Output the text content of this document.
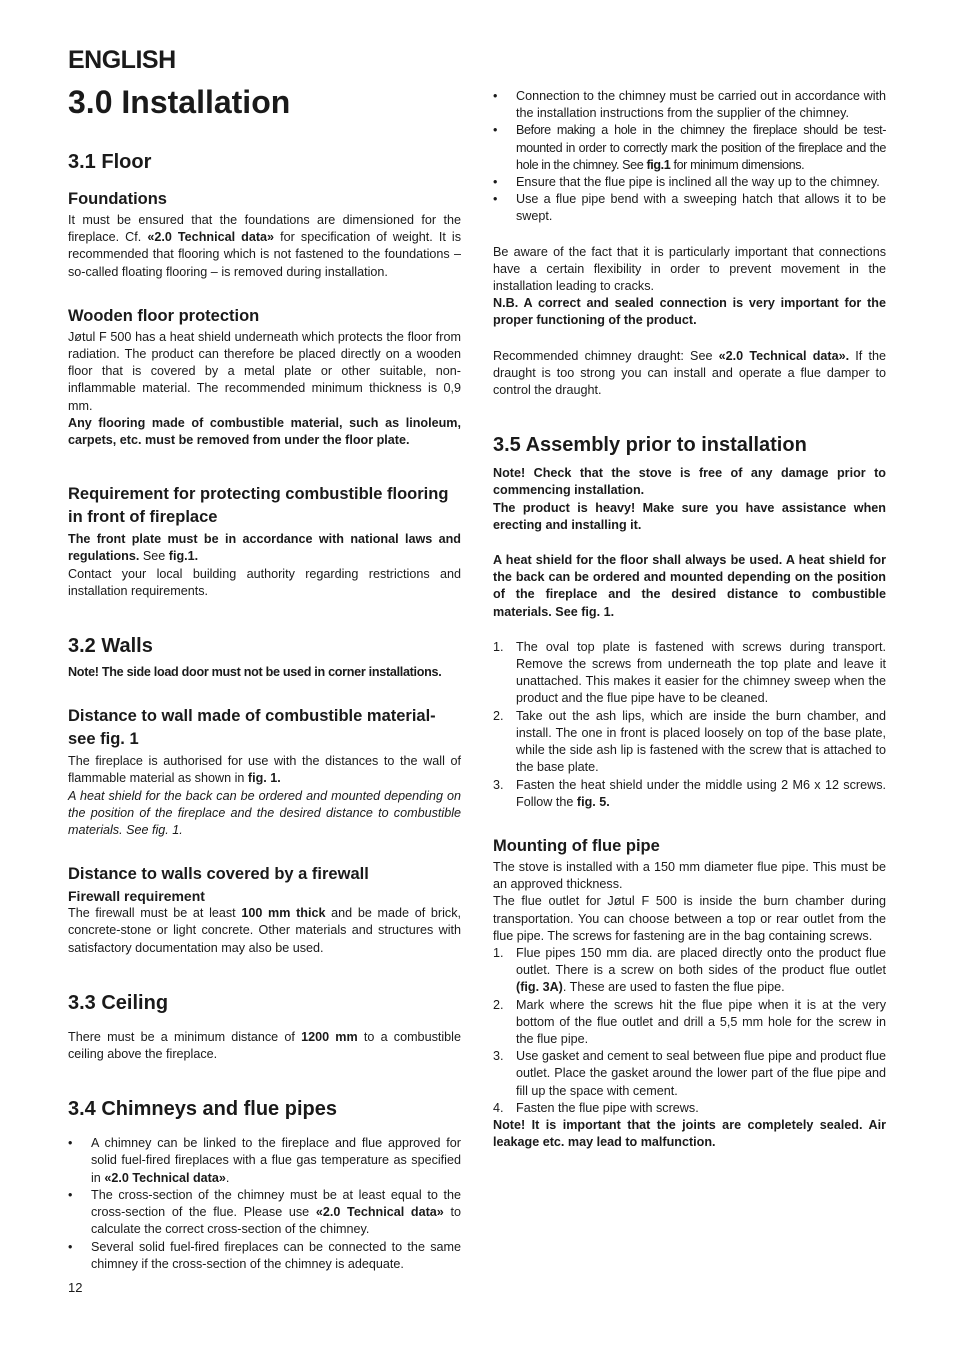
ENGLISH
3.0 Installation
3.1 Floor
Foundations

It must be ensured that the foundations are dimensioned for the fireplace. Cf. «2.0 Technical data» for specification of weight. It is recommended that flooring which is not fastened to the foundations – so-called floating flooring – is removed during installation.

Wooden floor protection

Jøtul F 500 has a heat shield underneath which protects the floor from radiation. The product can therefore be placed directly on a wooden floor that is covered by a metal plate or other suitable, non-inflammable material. The recommended minimum thickness is 0,9 mm.

Any flooring made of combustible material, such as linoleum, carpets, etc. must be removed from under the floor plate.

Requirement for protecting combustible flooring in front of fireplace

The front plate must be in accordance with national laws and regulations. See fig.1.

Contact your local building authority regarding restrictions and installation requirements.

3.2 Walls

Note! The side load door must not be used in corner installations.

Distance to wall made of combustible material- see fig. 1

The fireplace is authorised for use with the distances to the wall of flammable material as shown in fig. 1.

A heat shield for the back can be ordered and mounted depending on the position of the fireplace and the desired distance to combustible materials. See fig. 1.

Distance to walls covered by a firewall
Firewall requirement

The firewall must be at least 100 mm thick and be made of brick, concrete-stone or light concrete. Other materials and structures with satisfactory documentation may also be used.

3.3 Ceiling

There must be a minimum distance of 1200 mm to a combustible ceiling above the fireplace.

3.4 Chimneys and flue pipes
• A chimney can be linked to the fireplace and flue approved for solid fuel-fired fireplaces with a flue gas temperature as specified in «2.0 Technical data».
• The cross-section of the chimney must be at least equal to the cross-section of the flue. Please use «2.0 Technical data» to calculate the correct cross-section of the chimney.
• Several solid fuel-fired fireplaces can be connected to the same chimney if the cross-section of the chimney is adequate.
12
• Connection to the chimney must be carried out in accordance with the installation instructions from the supplier of the chimney.
• Before making a hole in the chimney the fireplace should be test-mounted in order to correctly mark the position of the fireplace and the hole in the chimney. See fig.1 for minimum dimensions.
• Ensure that the flue pipe is inclined all the way up to the chimney.
• Use a flue pipe bend with a sweeping hatch that allows it to be swept.

Be aware of the fact that it is particularly important that connections have a certain flexibility in order to prevent movement in the installation leading to cracks.

N.B. A correct and sealed connection is very important for the proper functioning of the product.

Recommended chimney draught: See «2.0 Technical data». If the draught is too strong you can install and operate a flue damper to control the draught.

3.5 Assembly prior to installation

Note! Check that the stove is free of any damage prior to commencing installation.

The product is heavy! Make sure you have assistance when erecting and installing it.

A heat shield for the floor shall always be used. A heat shield for the back can be ordered and mounted depending on the position of the fireplace and the desired distance to combustible materials. See fig. 1.

1. The oval top plate is fastened with screws during transport. Remove the screws from underneath the top plate and leave it unattached. This makes it easier for the chimney sweep when the product and the flue pipe have to be cleaned.
2. Take out the ash lips, which are inside the burn chamber, and install. The one in front is placed loosely on top of the base plate, while the side ash lip is fastened with the screw that is attached to the base plate.
3. Fasten the heat shield under the middle using 2 M6 x 12 screws. Follow the fig. 5.
Mounting of flue pipe

The stove is installed with a 150 mm diameter flue pipe. This must be an approved thickness.

The flue outlet for Jøtul F 500 is inside the burn chamber during transportation. You can choose between a top or rear outlet from the flue pipe. The screws for fastening are in the bag containing screws.

1. Flue pipes 150 mm dia. are placed directly onto the product flue outlet. There is a screw on both sides of the product flue outlet (fig. 3A). These are used to fasten the flue pipe.
2. Mark where the screws hit the flue pipe when it is at the very bottom of the flue outlet and drill a 5,5 mm hole for the screw in the flue pipe.
3. Use gasket and cement to seal between flue pipe and product flue outlet. Place the gasket around the lower part of the flue pipe and fill up the space with cement.
4. Fasten the flue pipe with screws.

Note! It is important that the joints are completely sealed. Air leakage etc. may lead to malfunction.
